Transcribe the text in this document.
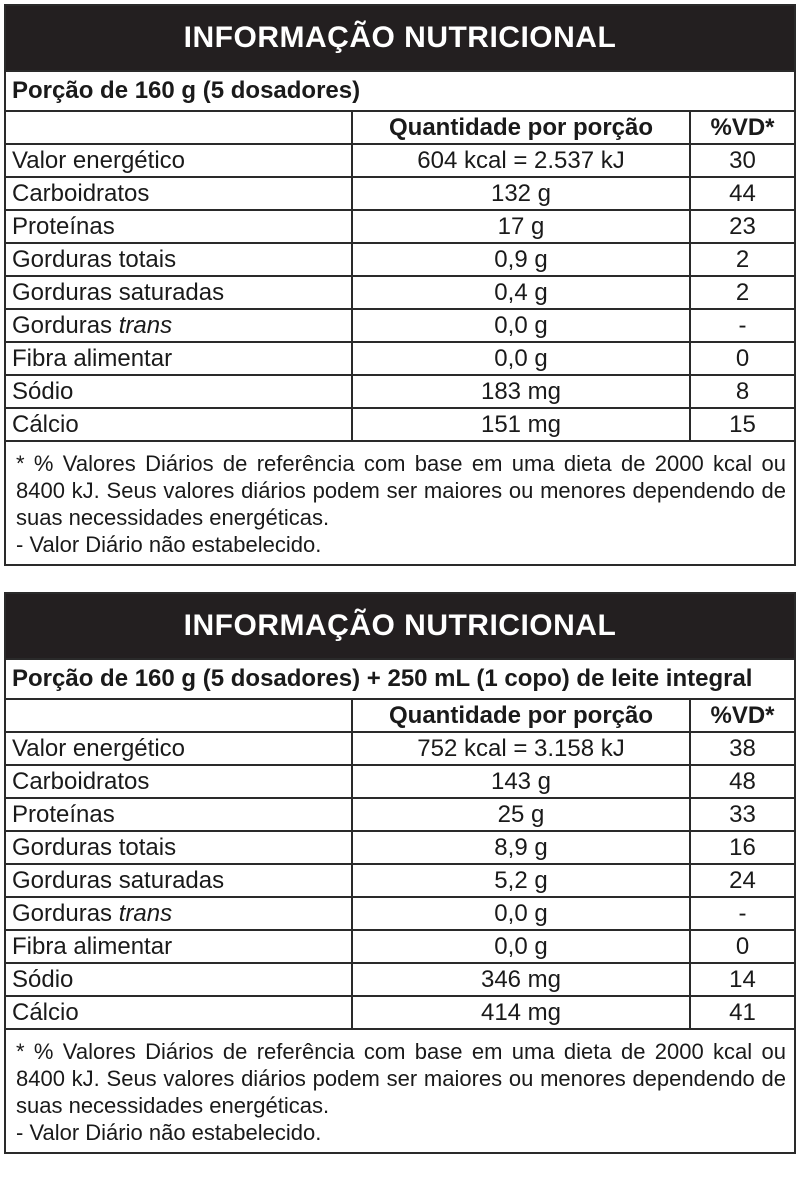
INFORMAÇÃO NUTRICIONAL
Porção de 160 g (5 dosadores)
	Quantidade por porção	%VD*
Valor energético	604 kcal = 2.537 kJ	30
Carboidratos	132 g	44
Proteínas	17 g	23
Gorduras totais	0,9 g	2
Gorduras saturadas	0,4 g	2
Gorduras trans	0,0 g	-
Fibra alimentar	0,0 g	0
Sódio	183 mg	8
Cálcio	151 mg	15

* % Valores Diários de referência com base em uma dieta de 2000 kcal ou 8400 kJ. Seus valores diários podem ser maiores ou menores dependendo de suas necessidades energéticas.

- Valor Diário não estabelecido.

INFORMAÇÃO NUTRICIONAL
Porção de 160 g (5 dosadores) + 250 mL (1 copo) de leite integral
	Quantidade por porção	%VD*
Valor energético	752 kcal = 3.158 kJ	38
Carboidratos	143 g	48
Proteínas	25 g	33
Gorduras totais	8,9 g	16
Gorduras saturadas	5,2 g	24
Gorduras trans	0,0 g	-
Fibra alimentar	0,0 g	0
Sódio	346 mg	14
Cálcio	414 mg	41

* % Valores Diários de referência com base em uma dieta de 2000 kcal ou 8400 kJ. Seus valores diários podem ser maiores ou menores dependendo de suas necessidades energéticas.

- Valor Diário não estabelecido.
